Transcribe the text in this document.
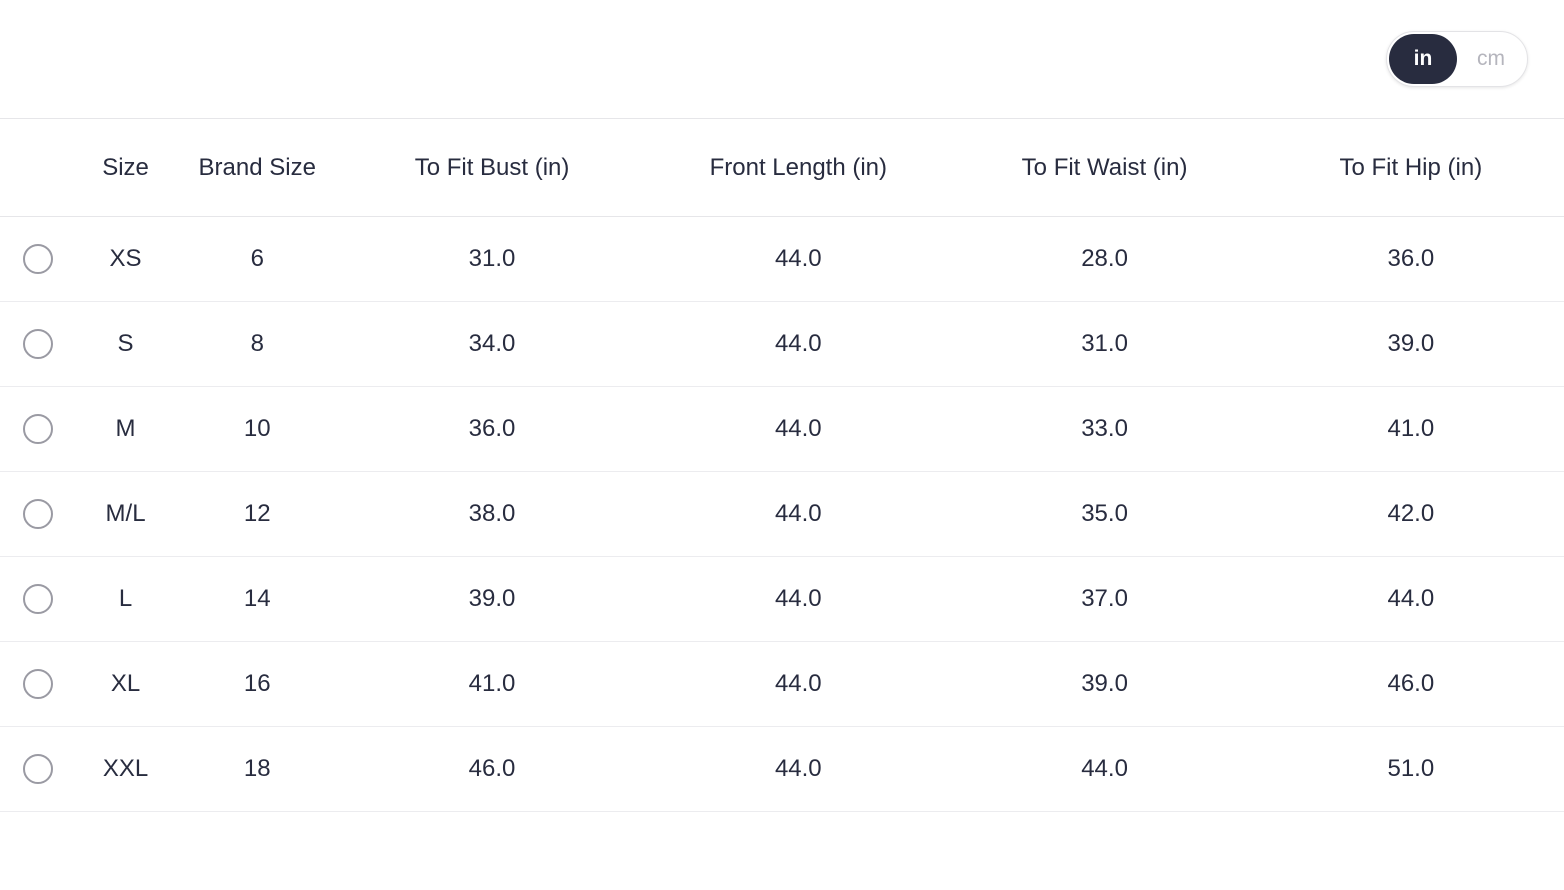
in	cm
	Size	Brand Size	To Fit Bust (in)	Front Length (in)	To Fit Waist (in)	To Fit Hip (in)
	XS	6	31.0	44.0	28.0	36.0
	S	8	34.0	44.0	31.0	39.0
	M	10	36.0	44.0	33.0	41.0
	M/L	12	38.0	44.0	35.0	42.0
	L	14	39.0	44.0	37.0	44.0
	XL	16	41.0	44.0	39.0	46.0
	XXL	18	46.0	44.0	44.0	51.0
